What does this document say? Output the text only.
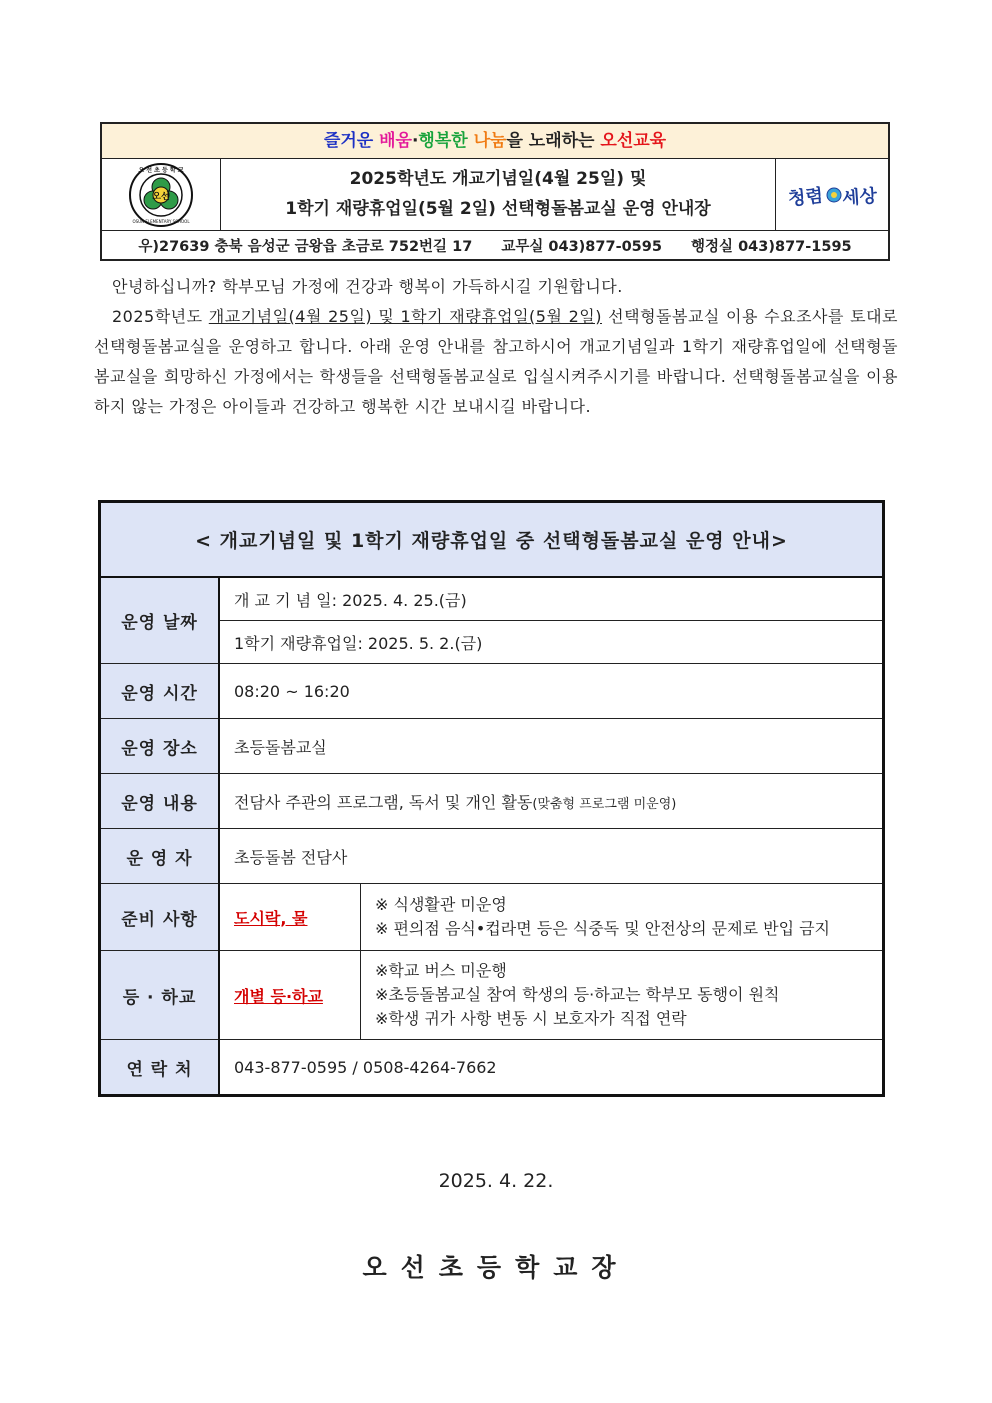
즐거운 배움·행복한 나눔을 노래하는 오선교육
오선
오 선 초 등 학 교
OSUN ELEMENTARY SCHOOL
2025학년도 개교기념일(4월 25일) 및
1학기 재량휴업일(5월 2일) 선택형돌봄교실 운영 안내장	청렴 세상
우)27639 충북 음성군 금왕읍 초금로 752번길 17 교무실 043)877-0595 행정실 043)877-1595

안녕하십니까? 학부모님 가정에 건강과 행복이 가득하시길 기원합니다.

2025학년도 개교기념일(4월 25일) 및 1학기 재량휴업일(5월 2일) 선택형돌봄교실 이용 수요조사를 토대로 선택형돌봄교실을 운영하고 합니다. 아래 운영 안내를 참고하시어 개교기념일과 1학기 재량휴업일에 선택형돌봄교실을 희망하신 가정에서는 학생들을 선택형돌봄교실로 입실시켜주시기를 바랍니다. 선택형돌봄교실을 이용하지 않는 가정은 아이들과 건강하고 행복한 시간 보내시길 바랍니다.

< 개교기념일 및 1학기 재량휴업일 중 선택형돌봄교실 운영 안내>		
운영 날짜	개 교 기 념 일: 2025. 4. 25.(금)	
	1학기 재량휴업일: 2025. 5. 2.(금)	
운영 시간	08:20 ~ 16:20	
운영 장소	초등돌봄교실	
운영 내용	전담사 주관의 프로그램, 독서 및 개인 활동(맞춤형 프로그램 미운영)	
운 영 자	초등돌봄 전담사	
준비 사항	도시락, 물	※ 식생활관 미운영
※ 편의점 음식•컵라면 등은 식중독 및 안전상의 문제로 반입 금지

등 · 하교	개별 등·하교	※학교 버스 미운행
※초등돌봄교실 참여 학생의 등·하교는 학부모 동행이 원칙
※학생 귀가 사항 변동 시 보호자가 직접 연락

연 락 처	043-877-0595 / 0508-4264-7662	
2025. 4. 22.
오선초등학교장
